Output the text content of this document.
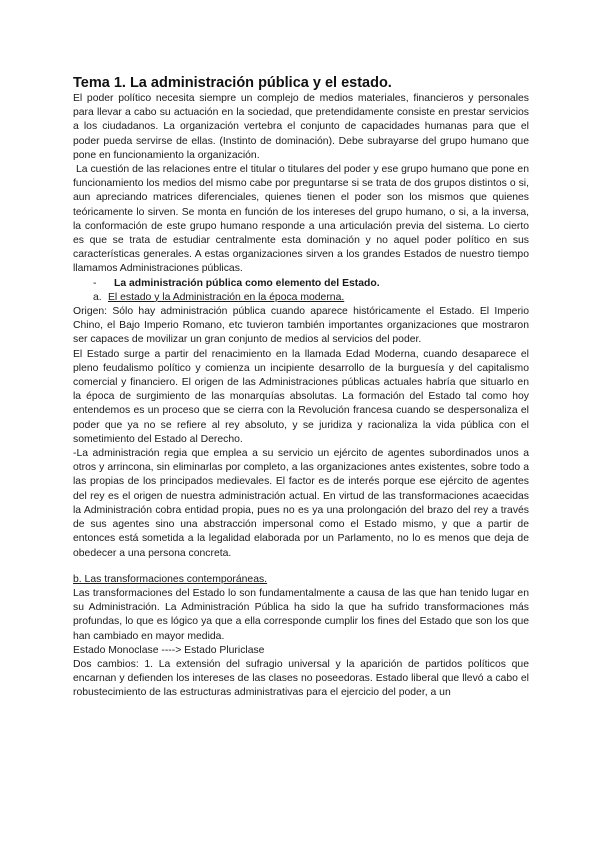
Tema 1. La administración pública y el estado.

El poder político necesita siempre un complejo de medios materiales, financieros y personales para llevar a cabo su actuación en la sociedad, que pretendidamente consiste en prestar servicios a los ciudadanos. La organización vertebra el conjunto de capacidades humanas para que el poder pueda servirse de ellas. (Instinto de dominación). Debe subrayarse del grupo humano que pone en funcionamiento la organización.

La cuestión de las relaciones entre el titular o titulares del poder y ese grupo humano que pone en funcionamiento los medios del mismo cabe por preguntarse si se trata de dos grupos distintos o si, aun apreciando matrices diferenciales, quienes tienen el poder son los mismos que quienes teóricamente lo sirven. Se monta en función de los intereses del grupo humano, o si, a la inversa, la conformación de este grupo humano responde a una articulación previa del sistema. Lo cierto es que se trata de estudiar centralmente esta dominación y no aquel poder político en sus características generales. A estas organizaciones sirven a los grandes Estados de nuestro tiempo llamamos Administraciones públicas.

-	La administración pública como elemento del Estado.
a. El estado y la Administración en la época moderna.

Origen: Sólo hay administración pública cuando aparece históricamente el Estado. El Imperio Chino, el Bajo Imperio Romano, etc tuvieron también importantes organizaciones que mostraron ser capaces de movilizar un gran conjunto de medios al servicios del poder.

El Estado surge a partir del renacimiento en la llamada Edad Moderna, cuando desaparece el pleno feudalismo político y comienza un incipiente desarrollo de la burguesía y del capitalismo comercial y financiero. El origen de las Administraciones públicas actuales habría que situarlo en la época de surgimiento de las monarquías absolutas. La formación del Estado tal como hoy entendemos es un proceso que se cierra con la Revolución francesa cuando se despersonaliza el poder que ya no se refiere al rey absoluto, y se juridiza y racionaliza la vida pública con el sometimiento del Estado al Derecho.

-La administración regia que emplea a su servicio un ejército de agentes subordinados unos a otros y arrincona, sin eliminarlas por completo, a las organizaciones antes existentes, sobre todo a las propias de los principados medievales. El factor es de interés porque ese ejército de agentes del rey es el origen de nuestra administración actual. En virtud de las transformaciones acaecidas la Administración cobra entidad propia, pues no es ya una prolongación del brazo del rey a través de sus agentes sino una abstracción impersonal como el Estado mismo, y que a partir de entonces está sometida a la legalidad elaborada por un Parlamento, no lo es menos que deja de obedecer a una persona concreta.

b. Las transformaciones contemporáneas.

Las transformaciones del Estado lo son fundamentalmente a causa de las que han tenido lugar en su Administración. La Administración Pública ha sido la que ha sufrido transformaciones más profundas, lo que es lógico ya que a ella corresponde cumplir los fines del Estado que son los que han cambiado en mayor medida.

Estado Monoclase ----> Estado Pluriclase

Dos cambios: 1. La extensión del sufragio universal y la aparición de partidos políticos que encarnan y defienden los intereses de las clases no poseedoras. Estado liberal que llevó a cabo el robustecimiento de las estructuras administrativas para el ejercicio del poder, a un
